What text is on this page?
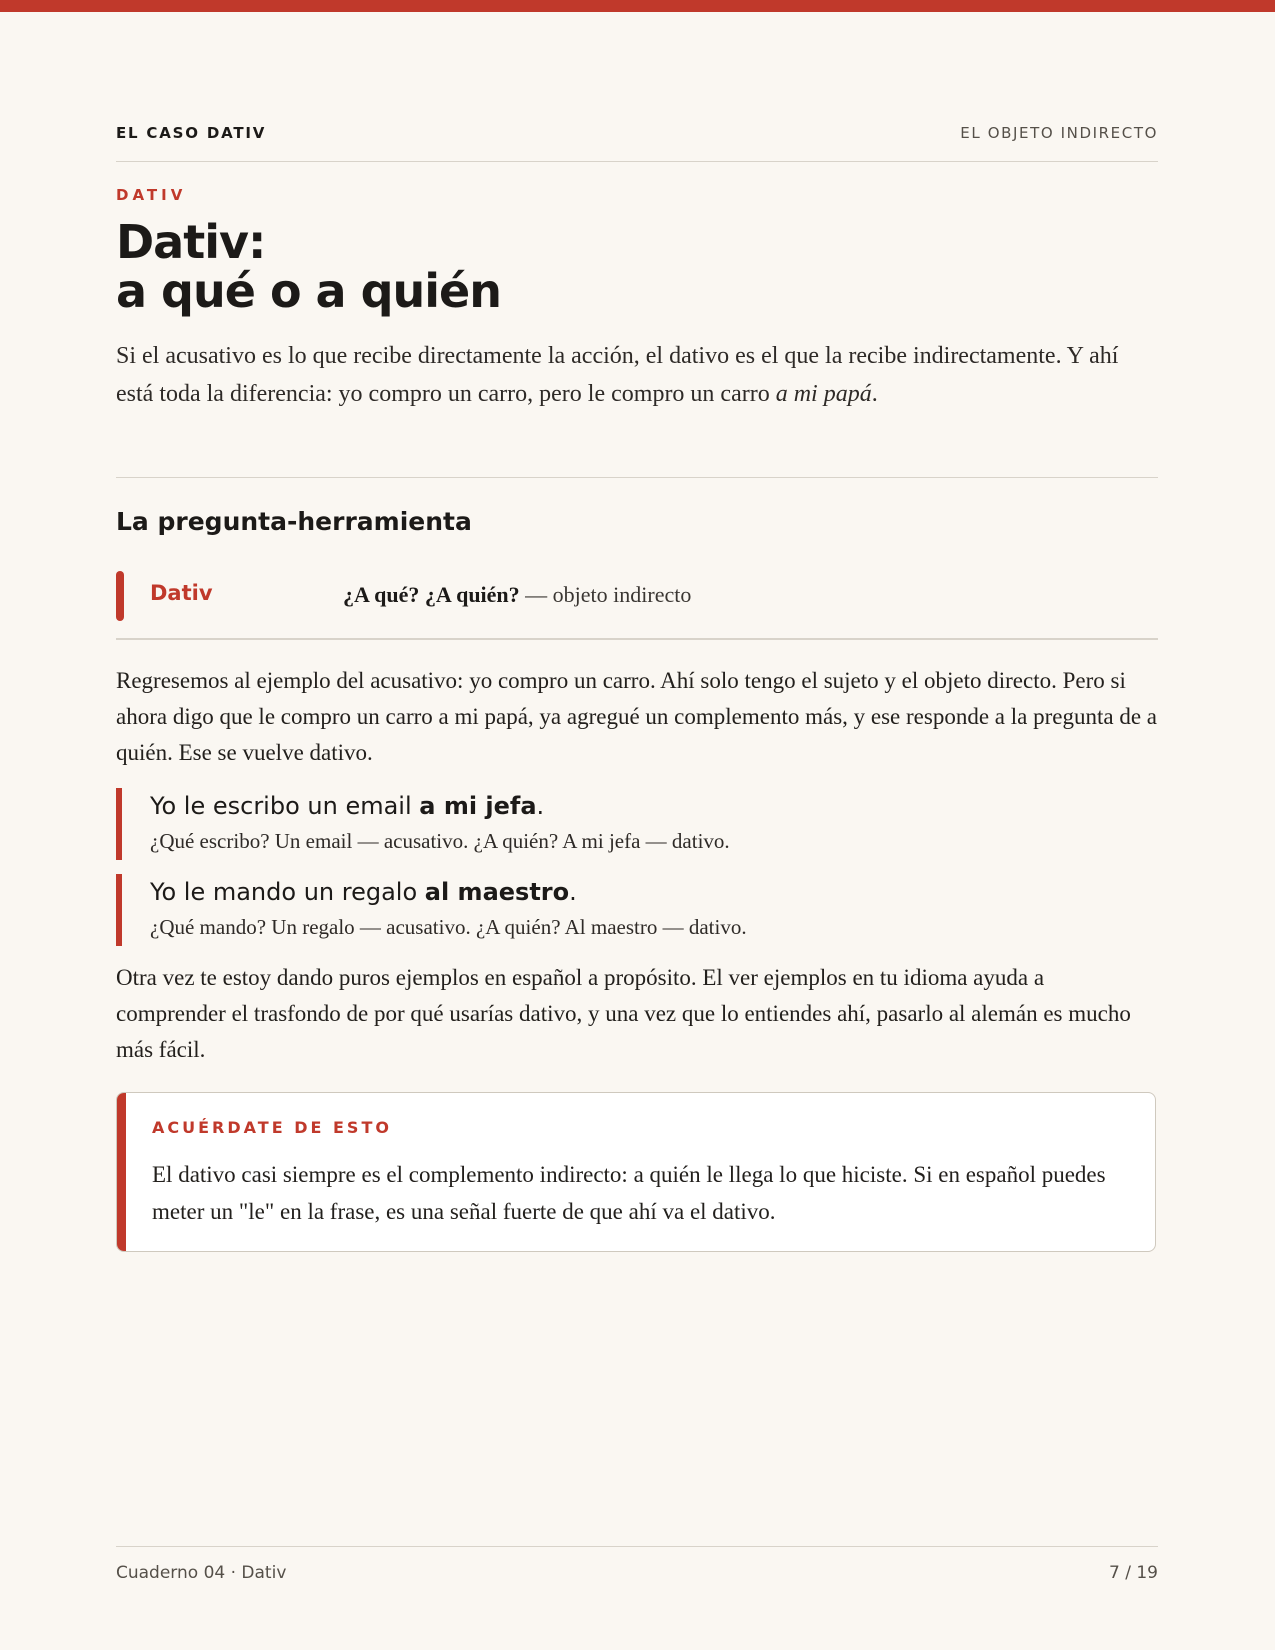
EL CASO DATIV	EL OBJETO INDIRECTO
DATIV
Dativ:
a qué o a quién

Si el acusativo es lo que recibe directamente la acción, el dativo es el que la recibe indirectamente. Y ahí está toda la diferencia: yo compro un carro, pero le compro un carro a mi papá.

La pregunta-herramienta
Dativ	¿A qué? ¿A quién? — objeto indirecto

Regresemos al ejemplo del acusativo: yo compro un carro. Ahí solo tengo el sujeto y el objeto directo. Pero si ahora digo que le compro un carro a mi papá, ya agregué un complemento más, y ese responde a la pregunta de a quién. Ese se vuelve dativo.

Yo le escribo un email a mi jefa.

¿Qué escribo? Un email — acusativo. ¿A quién? A mi jefa — dativo.

Yo le mando un regalo al maestro.

¿Qué mando? Un regalo — acusativo. ¿A quién? Al maestro — dativo.

Otra vez te estoy dando puros ejemplos en español a propósito. El ver ejemplos en tu idioma ayuda a comprender el trasfondo de por qué usarías dativo, y una vez que lo entiendes ahí, pasarlo al alemán es mucho más fácil.

ACUÉRDATE DE ESTO

El dativo casi siempre es el complemento indirecto: a quién le llega lo que hiciste. Si en español puedes meter un "le" en la frase, es una señal fuerte de que ahí va el dativo.

Cuaderno 04 · Dativ	7 / 19
